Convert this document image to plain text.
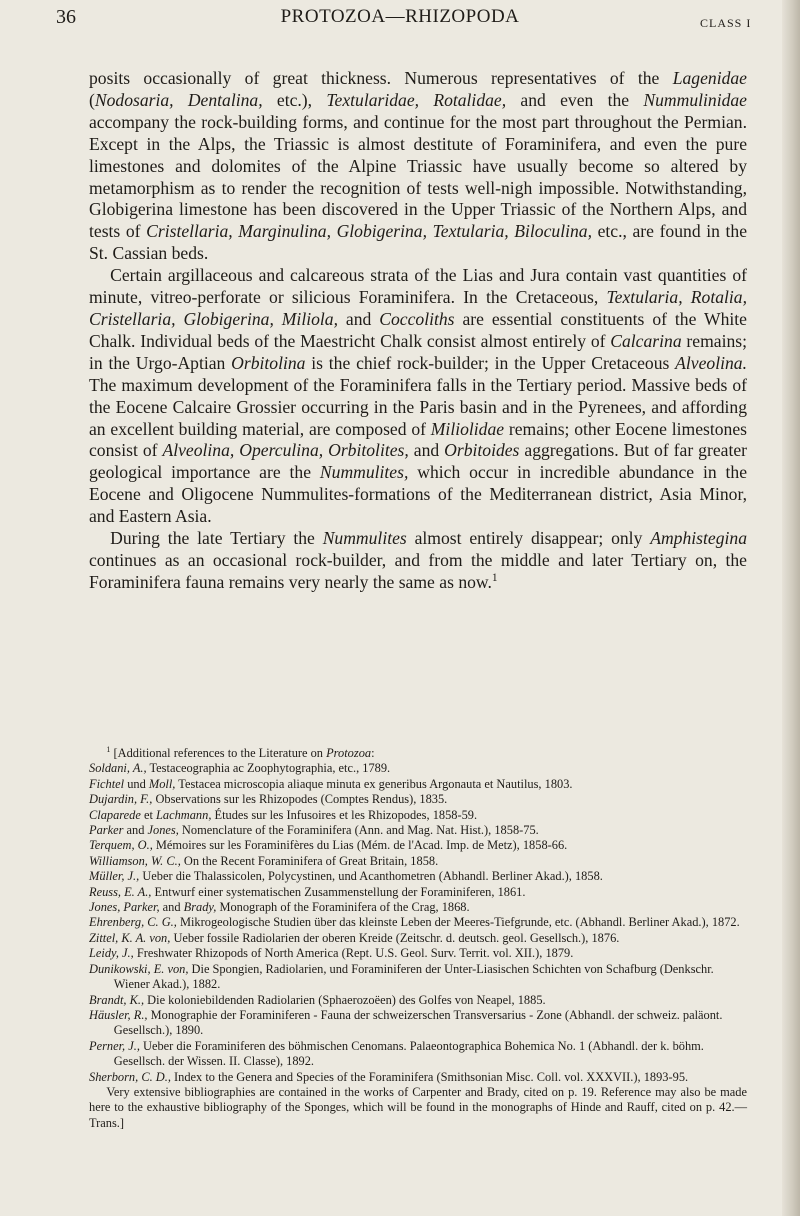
36	PROTOZOA—RHIZOPODA	CLASS I

posits occasionally of great thickness. Numerous representatives of the Lagenidae (Nodosaria, Dentalina, etc.), Textularidae, Rotalidae, and even the Nummulinidae accompany the rock-building forms, and continue for the most part throughout the Permian. Except in the Alps, the Triassic is almost destitute of Foraminifera, and even the pure limestones and dolomites of the Alpine Triassic have usually become so altered by metamorphism as to render the recognition of tests well-nigh impossible. Notwithstanding, Globigerina limestone has been discovered in the Upper Triassic of the Northern Alps, and tests of Cristellaria, Marginulina, Globigerina, Textularia, Biloculina, etc., are found in the St. Cassian beds.

Certain argillaceous and calcareous strata of the Lias and Jura contain vast quantities of minute, vitreo-perforate or silicious Foraminifera. In the Cretaceous, Textularia, Rotalia, Cristellaria, Globigerina, Miliola, and Coccoliths are essential constituents of the White Chalk. Individual beds of the Maestricht Chalk consist almost entirely of Calcarina remains; in the Urgo-Aptian Orbitolina is the chief rock-builder; in the Upper Cretaceous Alveolina. The maximum development of the Foraminifera falls in the Tertiary period. Massive beds of the Eocene Calcaire Grossier occurring in the Paris basin and in the Pyrenees, and affording an excellent building material, are composed of Miliolidae remains; other Eocene limestones consist of Alveolina, Operculina, Orbitolites, and Orbitoides aggregations. But of far greater geological importance are the Nummulites, which occur in incredible abundance in the Eocene and Oligocene Nummulites-formations of the Mediterranean district, Asia Minor, and Eastern Asia.

During the late Tertiary the Nummulites almost entirely disappear; only Amphistegina continues as an occasional rock-builder, and from the middle and later Tertiary on, the Foraminifera fauna remains very nearly the same as now.$^1$

$^1$ [Additional references to the Literature on Protozoa:

Soldani, A., Testaceographia ac Zoophytographia, etc., 1789.

Fichtel und Moll, Testacea microscopia aliaque minuta ex generibus Argonauta et Nautilus, 1803.

Dujardin, F., Observations sur les Rhizopodes (Comptes Rendus), 1835.

Claparede et Lachmann, Études sur les Infusoires et les Rhizopodes, 1858-59.

Parker and Jones, Nomenclature of the Foraminifera (Ann. and Mag. Nat. Hist.), 1858-75.

Terquem, O., Mémoires sur les Foraminifères du Lias (Mém. de l'Acad. Imp. de Metz), 1858-66.

Williamson, W. C., On the Recent Foraminifera of Great Britain, 1858.

Müller, J., Ueber die Thalassicolen, Polycystinen, und Acanthometren (Abhandl. Berliner Akad.), 1858.

Reuss, E. A., Entwurf einer systematischen Zusammenstellung der Foraminiferen, 1861.

Jones, Parker, and Brady, Monograph of the Foraminifera of the Crag, 1868.

Ehrenberg, C. G., Mikrogeologische Studien über das kleinste Leben der Meeres-Tiefgrunde, etc. (Abhandl. Berliner Akad.), 1872.

Zittel, K. A. von, Ueber fossile Radiolarien der oberen Kreide (Zeitschr. d. deutsch. geol. Gesellsch.), 1876.

Leidy, J., Freshwater Rhizopods of North America (Rept. U.S. Geol. Surv. Territ. vol. XII.), 1879.

Dunikowski, E. von, Die Spongien, Radiolarien, und Foraminiferen der Unter-Liasischen Schichten von Schafburg (Denkschr. Wiener Akad.), 1882.

Brandt, K., Die koloniebildenden Radiolarien (Sphaerozoëen) des Golfes von Neapel, 1885.

Häusler, R., Monographie der Foraminiferen - Fauna der schweizerschen Transversarius - Zone (Abhandl. der schweiz. paläont. Gesellsch.), 1890.

Perner, J., Ueber die Foraminiferen des böhmischen Cenomans. Palaeontographica Bohemica No. 1 (Abhandl. der k. böhm. Gesellsch. der Wissen. II. Classe), 1892.

Sherborn, C. D., Index to the Genera and Species of the Foraminifera (Smithsonian Misc. Coll. vol. XXXVII.), 1893-95.

Very extensive bibliographies are contained in the works of Carpenter and Brady, cited on p. 19. Reference may also be made here to the exhaustive bibliography of the Sponges, which will be found in the monographs of Hinde and Rauff, cited on p. 42.—Trans.]
